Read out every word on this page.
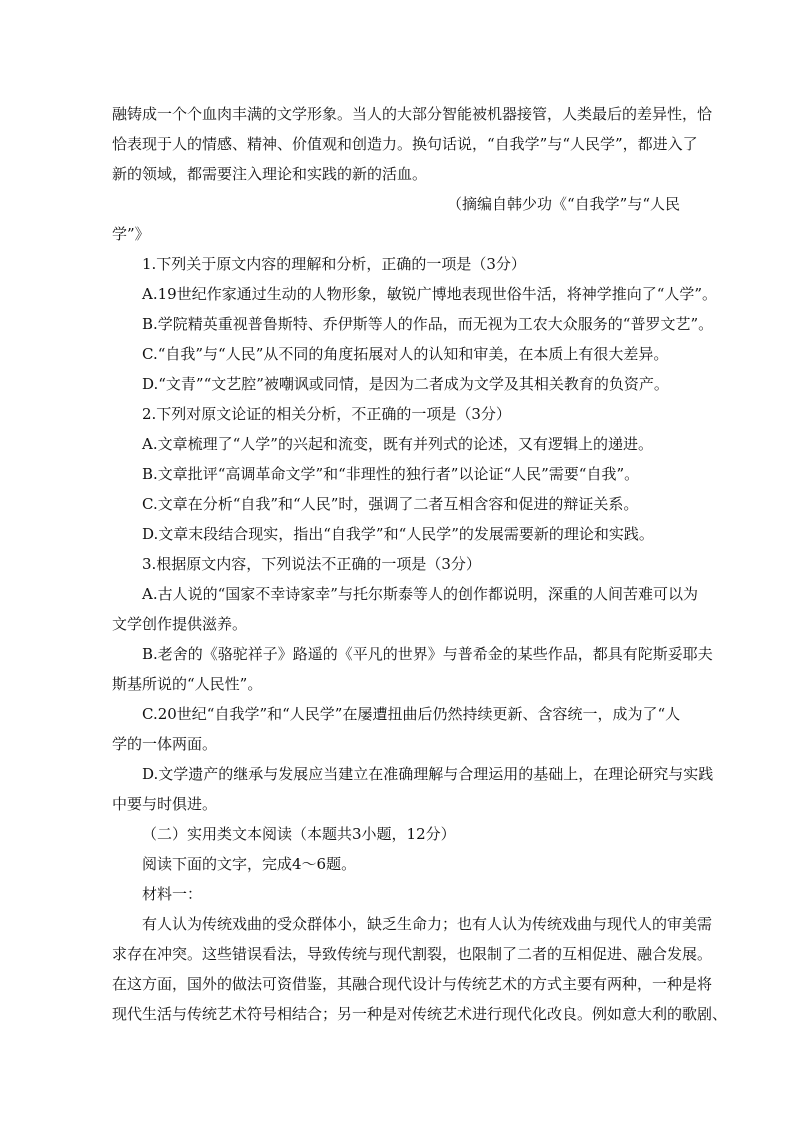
融铸成一个个血肉丰满的文学形象。当人的大部分智能被机器接管，人类最后的差异性，恰
恰表现于人的情感、精神、价值观和创造力。换句话说，“自我学”与“人民学”，都进入了
新的领域，都需要注入理论和实践的新的活血。
（摘编自韩少功《“自我学”与“人民
学”》
1.下列关于原文内容的理解和分析，正确的一项是（3分）
A.19世纪作家通过生动的人物形象，敏锐广博地表现世俗牛活，将神学推向了“人学”。
B.学院精英重视普鲁斯特、乔伊斯等人的作品，而无视为工农大众服务的“普罗文艺”。
C.“自我”与“人民”从不同的角度拓展对人的认知和审美，在本质上有很大差异。
D.“文青”“文艺腔”被嘲讽或同情，是因为二者成为文学及其相关教育的负资产。
2.下列对原文论证的相关分析，不正确的一项是（3分）
A.文章梳理了“人学”的兴起和流变，既有并列式的论述，又有逻辑上的递进。
B.文章批评“高调革命文学”和“非理性的独行者”以论证“人民”需要“自我”。
C.文章在分析“自我”和“人民”时，强调了二者互相含容和促进的辩证关系。
D.文章末段结合现实，指出“自我学”和“人民学”的发展需要新的理论和实践。
3.根据原文内容，下列说法不正确的一项是（3分）
A.古人说的“国家不幸诗家幸”与托尔斯泰等人的创作都说明，深重的人间苦难可以为
文学创作提供滋养。
B.老舍的《骆驼祥子》路遥的《平凡的世界》与普希金的某些作品，都具有陀斯妥耶夫
斯基所说的“人民性”。
C.20世纪“自我学”和“人民学”在屡遭扭曲后仍然持续更新、含容统一，成为了“人
学的一体两面。
D.文学遗产的继承与发展应当建立在准确理解与合理运用的基础上，在理论研究与实践
中要与时俱进。
（二）实用类文本阅读（本题共3小题，12分）
阅读下面的文字，完成4～6题。
材料一：
有人认为传统戏曲的受众群体小，缺乏生命力；也有人认为传统戏曲与现代人的审美需
求存在冲突。这些错误看法，导致传统与现代割裂，也限制了二者的互相促进、融合发展。
在这方面，国外的做法可资借鉴，其融合现代设计与传统艺术的方式主要有两种，一种是将
现代生活与传统艺术符号相结合；另一种是对传统艺术进行现代化改良。例如意大利的歌剧、
